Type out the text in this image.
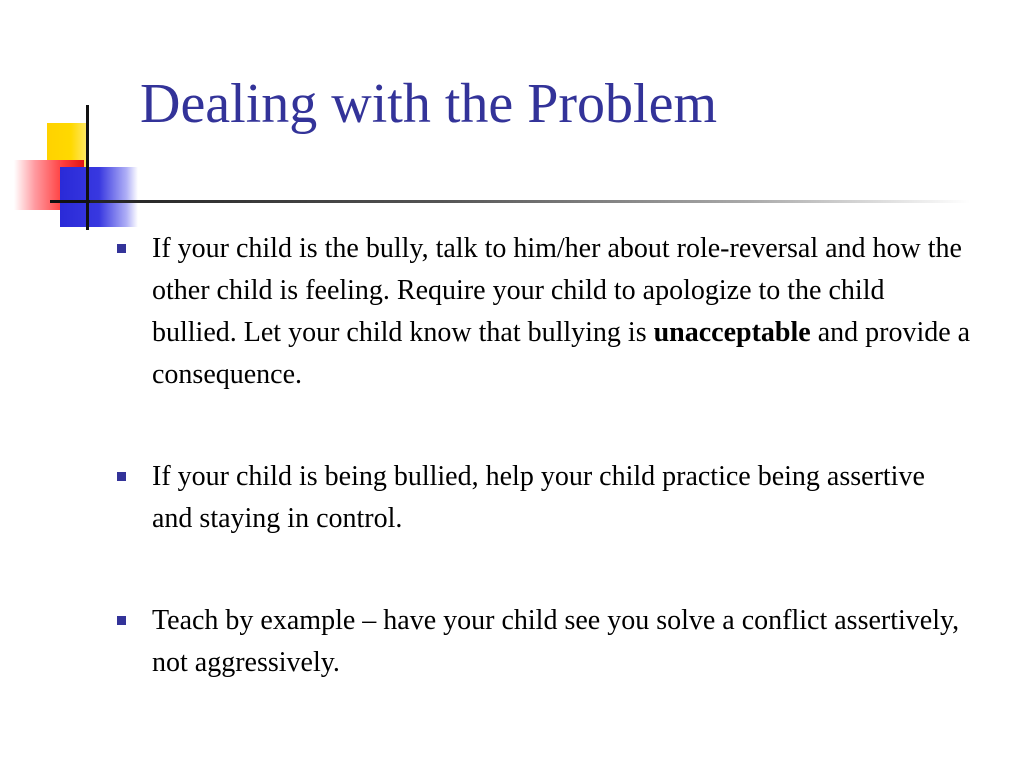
Dealing with the Problem
If your child is the bully, talk to him/her about role-reversal and how the other child is feeling. Require your child to apologize to the child bullied. Let your child know that bullying is unacceptable and provide a consequence.
If your child is being bullied, help your child practice being assertive and staying in control.
Teach by example – have your child see you solve a conflict assertively, not aggressively.
